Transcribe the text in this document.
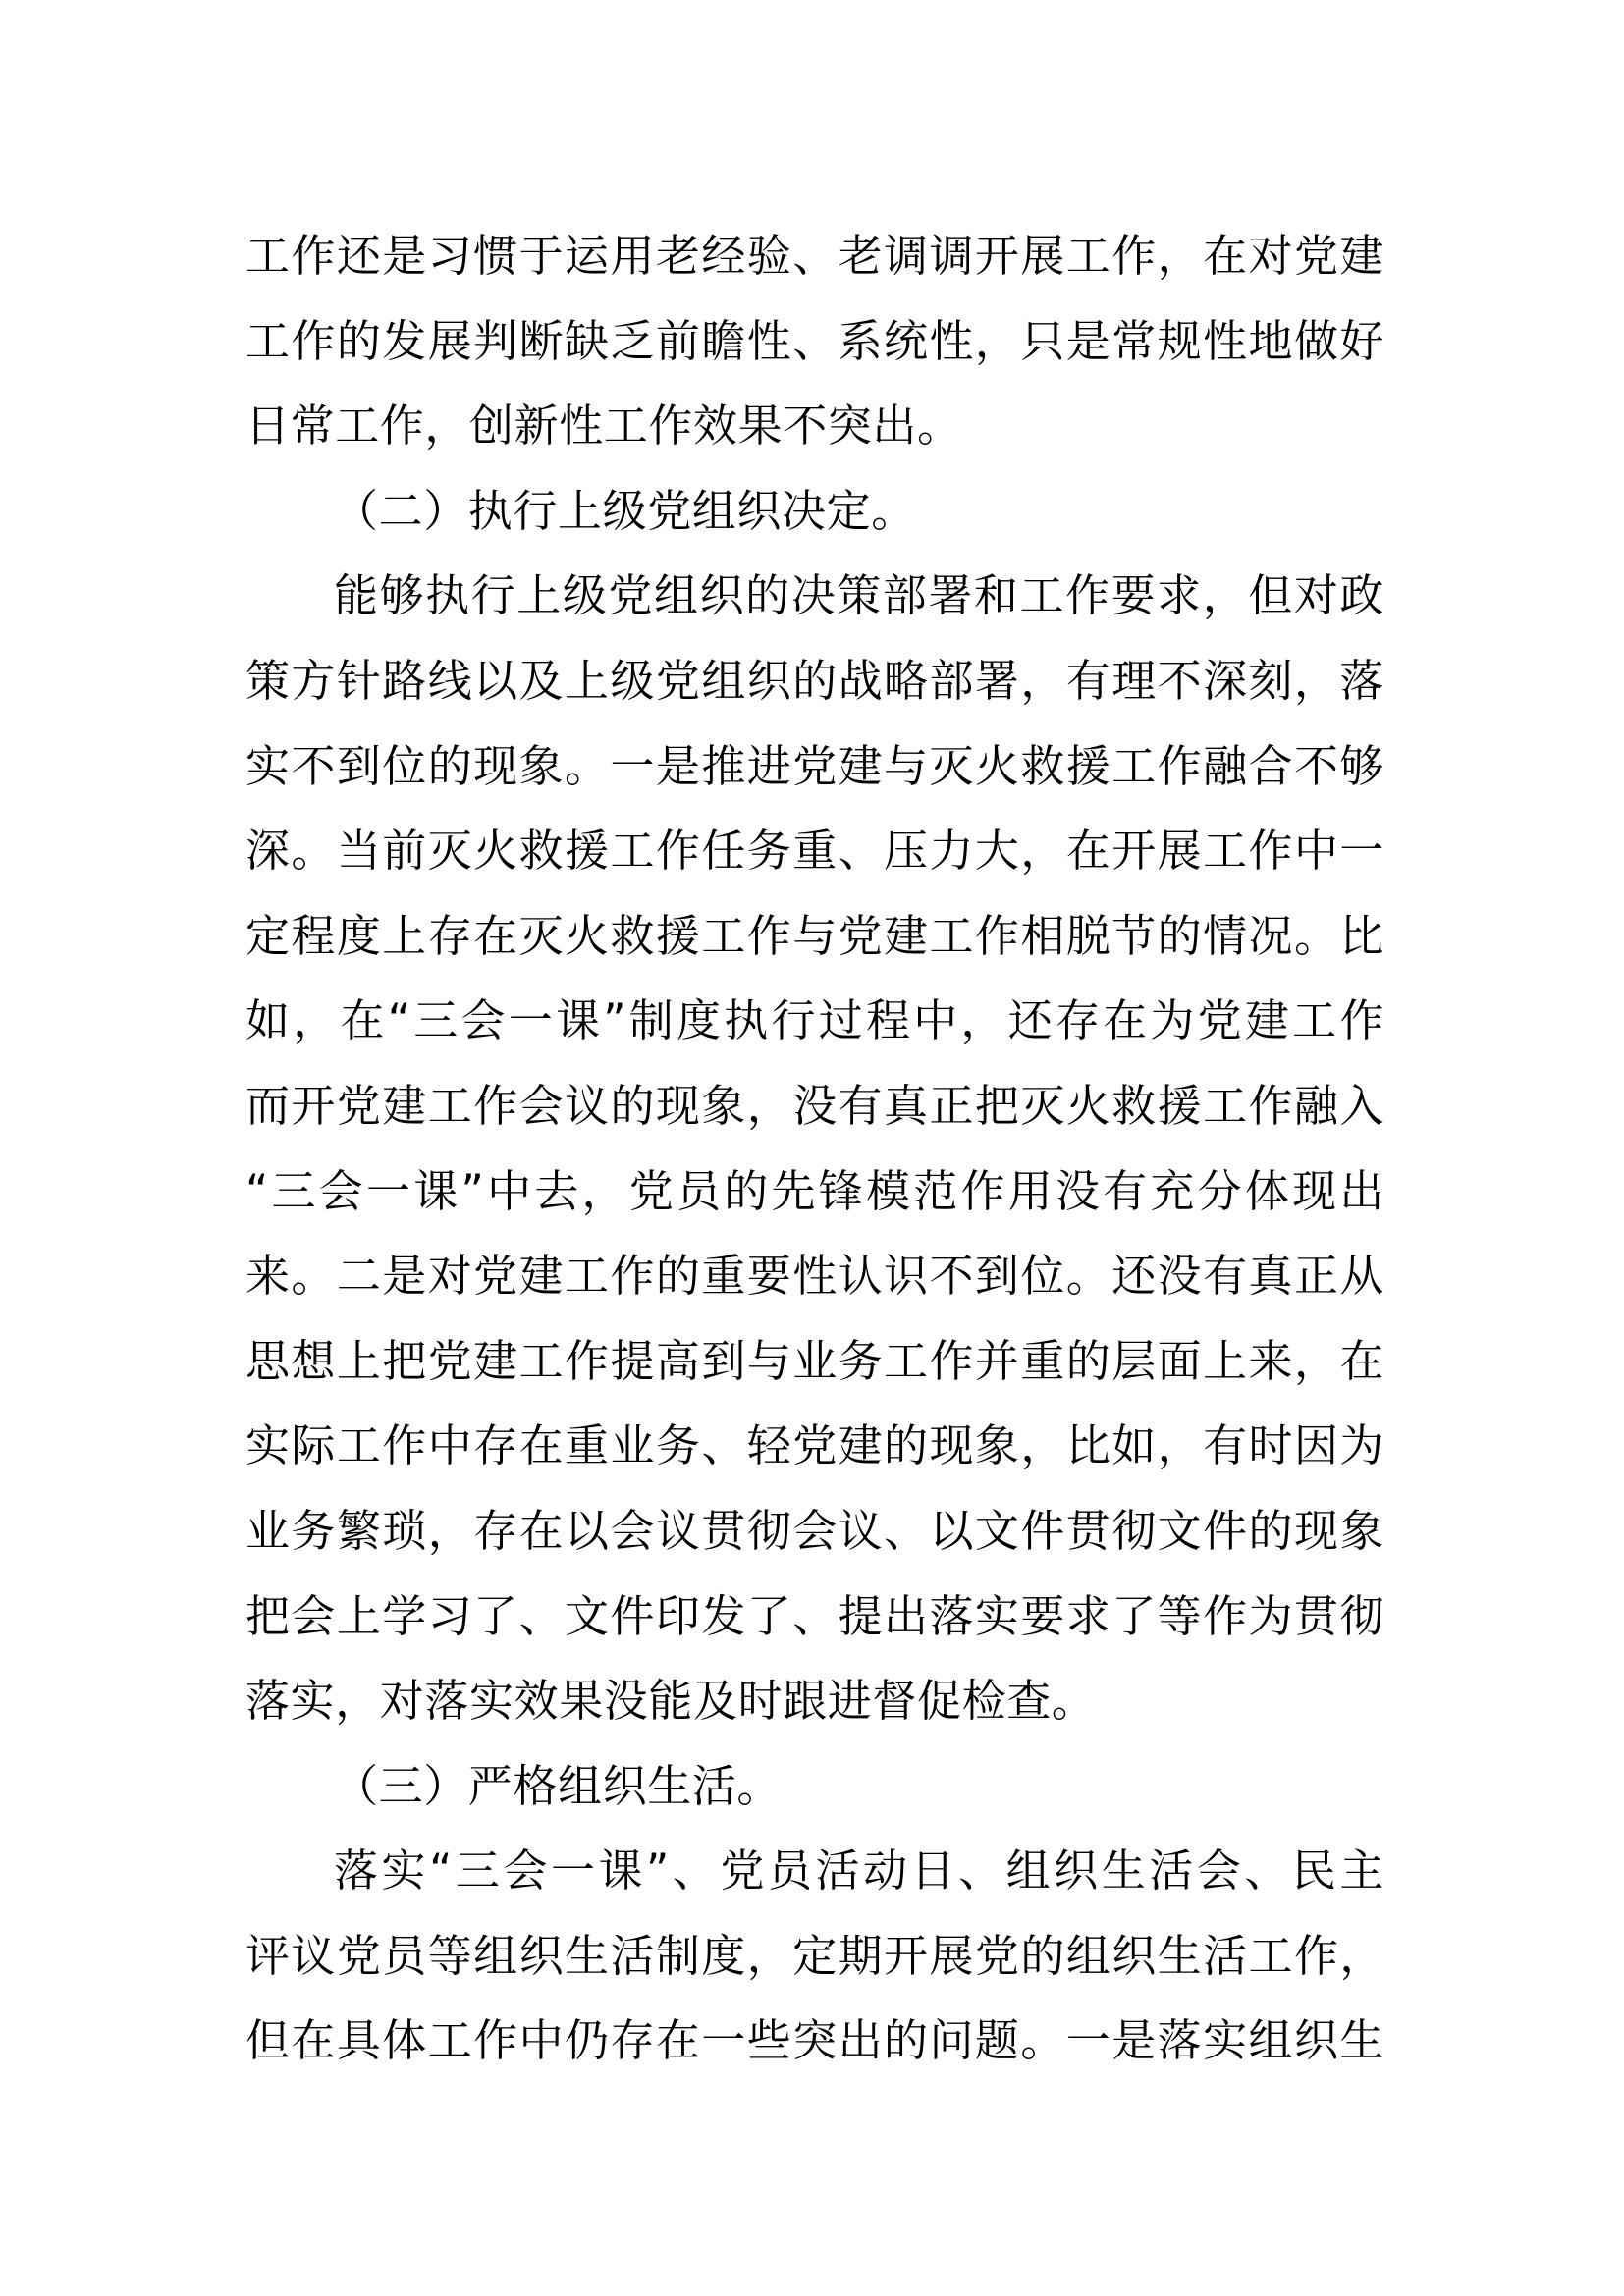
工作还是习惯于运用老经验、老调调开展工作，在对党建
工作的发展判断缺乏前瞻性、系统性，只是常规性地做好
日常工作，创新性工作效果不突出。
（二）执行上级党组织决定。
能够执行上级党组织的决策部署和工作要求，但对政
策方针路线以及上级党组织的战略部署，有理不深刻，落
实不到位的现象。一是推进党建与灭火救援工作融合不够
深。当前灭火救援工作任务重、压力大，在开展工作中一
定程度上存在灭火救援工作与党建工作相脱节的情况。比
如，在“三会一课”制度执行过程中，还存在为党建工作
而开党建工作会议的现象，没有真正把灭火救援工作融入
“三会一课”中去，党员的先锋模范作用没有充分体现出
来。二是对党建工作的重要性认识不到位。还没有真正从
思想上把党建工作提高到与业务工作并重的层面上来，在
实际工作中存在重业务、轻党建的现象，比如，有时因为
业务繁琐，存在以会议贯彻会议、以文件贯彻文件的现象
把会上学习了、文件印发了、提出落实要求了等作为贯彻
落实，对落实效果没能及时跟进督促检查。
（三）严格组织生活。
落实“三会一课”、党员活动日、组织生活会、民主
评议党员等组织生活制度，定期开展党的组织生活工作，
但在具体工作中仍存在一些突出的问题。一是落实组织生
